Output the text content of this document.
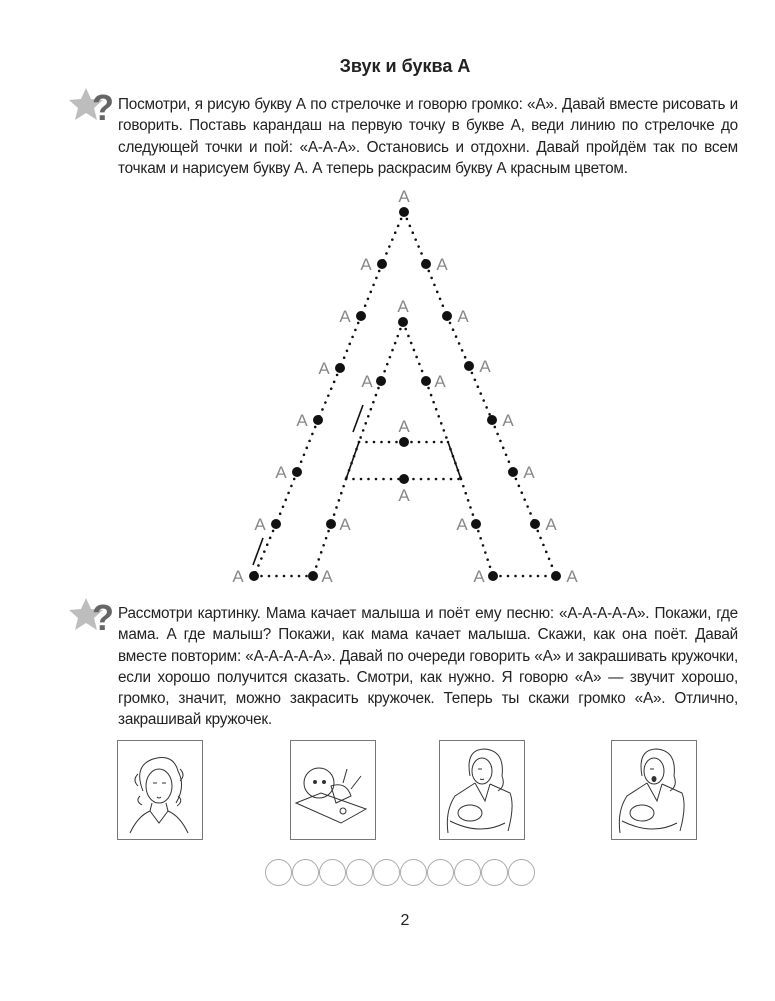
Звук и буква А
? Посмотри, я рисую букву А по стрелочке и говорю громко: «А». Давай вместе рисовать и говорить. Поставь карандаш на первую точку в букве А, веди линию по стрелочке до следующей точки и пой: «А-А-А». Остановись и отдохни. Давай пройдём так по всем точкам и нарисуем букву А. А теперь раскрасим букву А красным цветом.
А
А	А
А	А
А	А
А	А
А	А
А	А
А	А
А
А	А
А
А
А	А
А	А
? Рассмотри картинку. Мама качает малыша и поёт ему песню: «А-А-А-А-А». Покажи, где мама. А где малыш? Покажи, как мама качает малыша. Скажи, как она поёт. Давай вместе повторим: «А-А-А-А-А». Давай по очереди говорить «А» и закрашивать кружочки, если хорошо получится сказать. Смотри, как нужно. Я говорю «А» — звучит хорошо, громко, значит, можно закрасить кружочек. Теперь ты скажи громко «А». Отлично, закрашивай кружочек.
2
